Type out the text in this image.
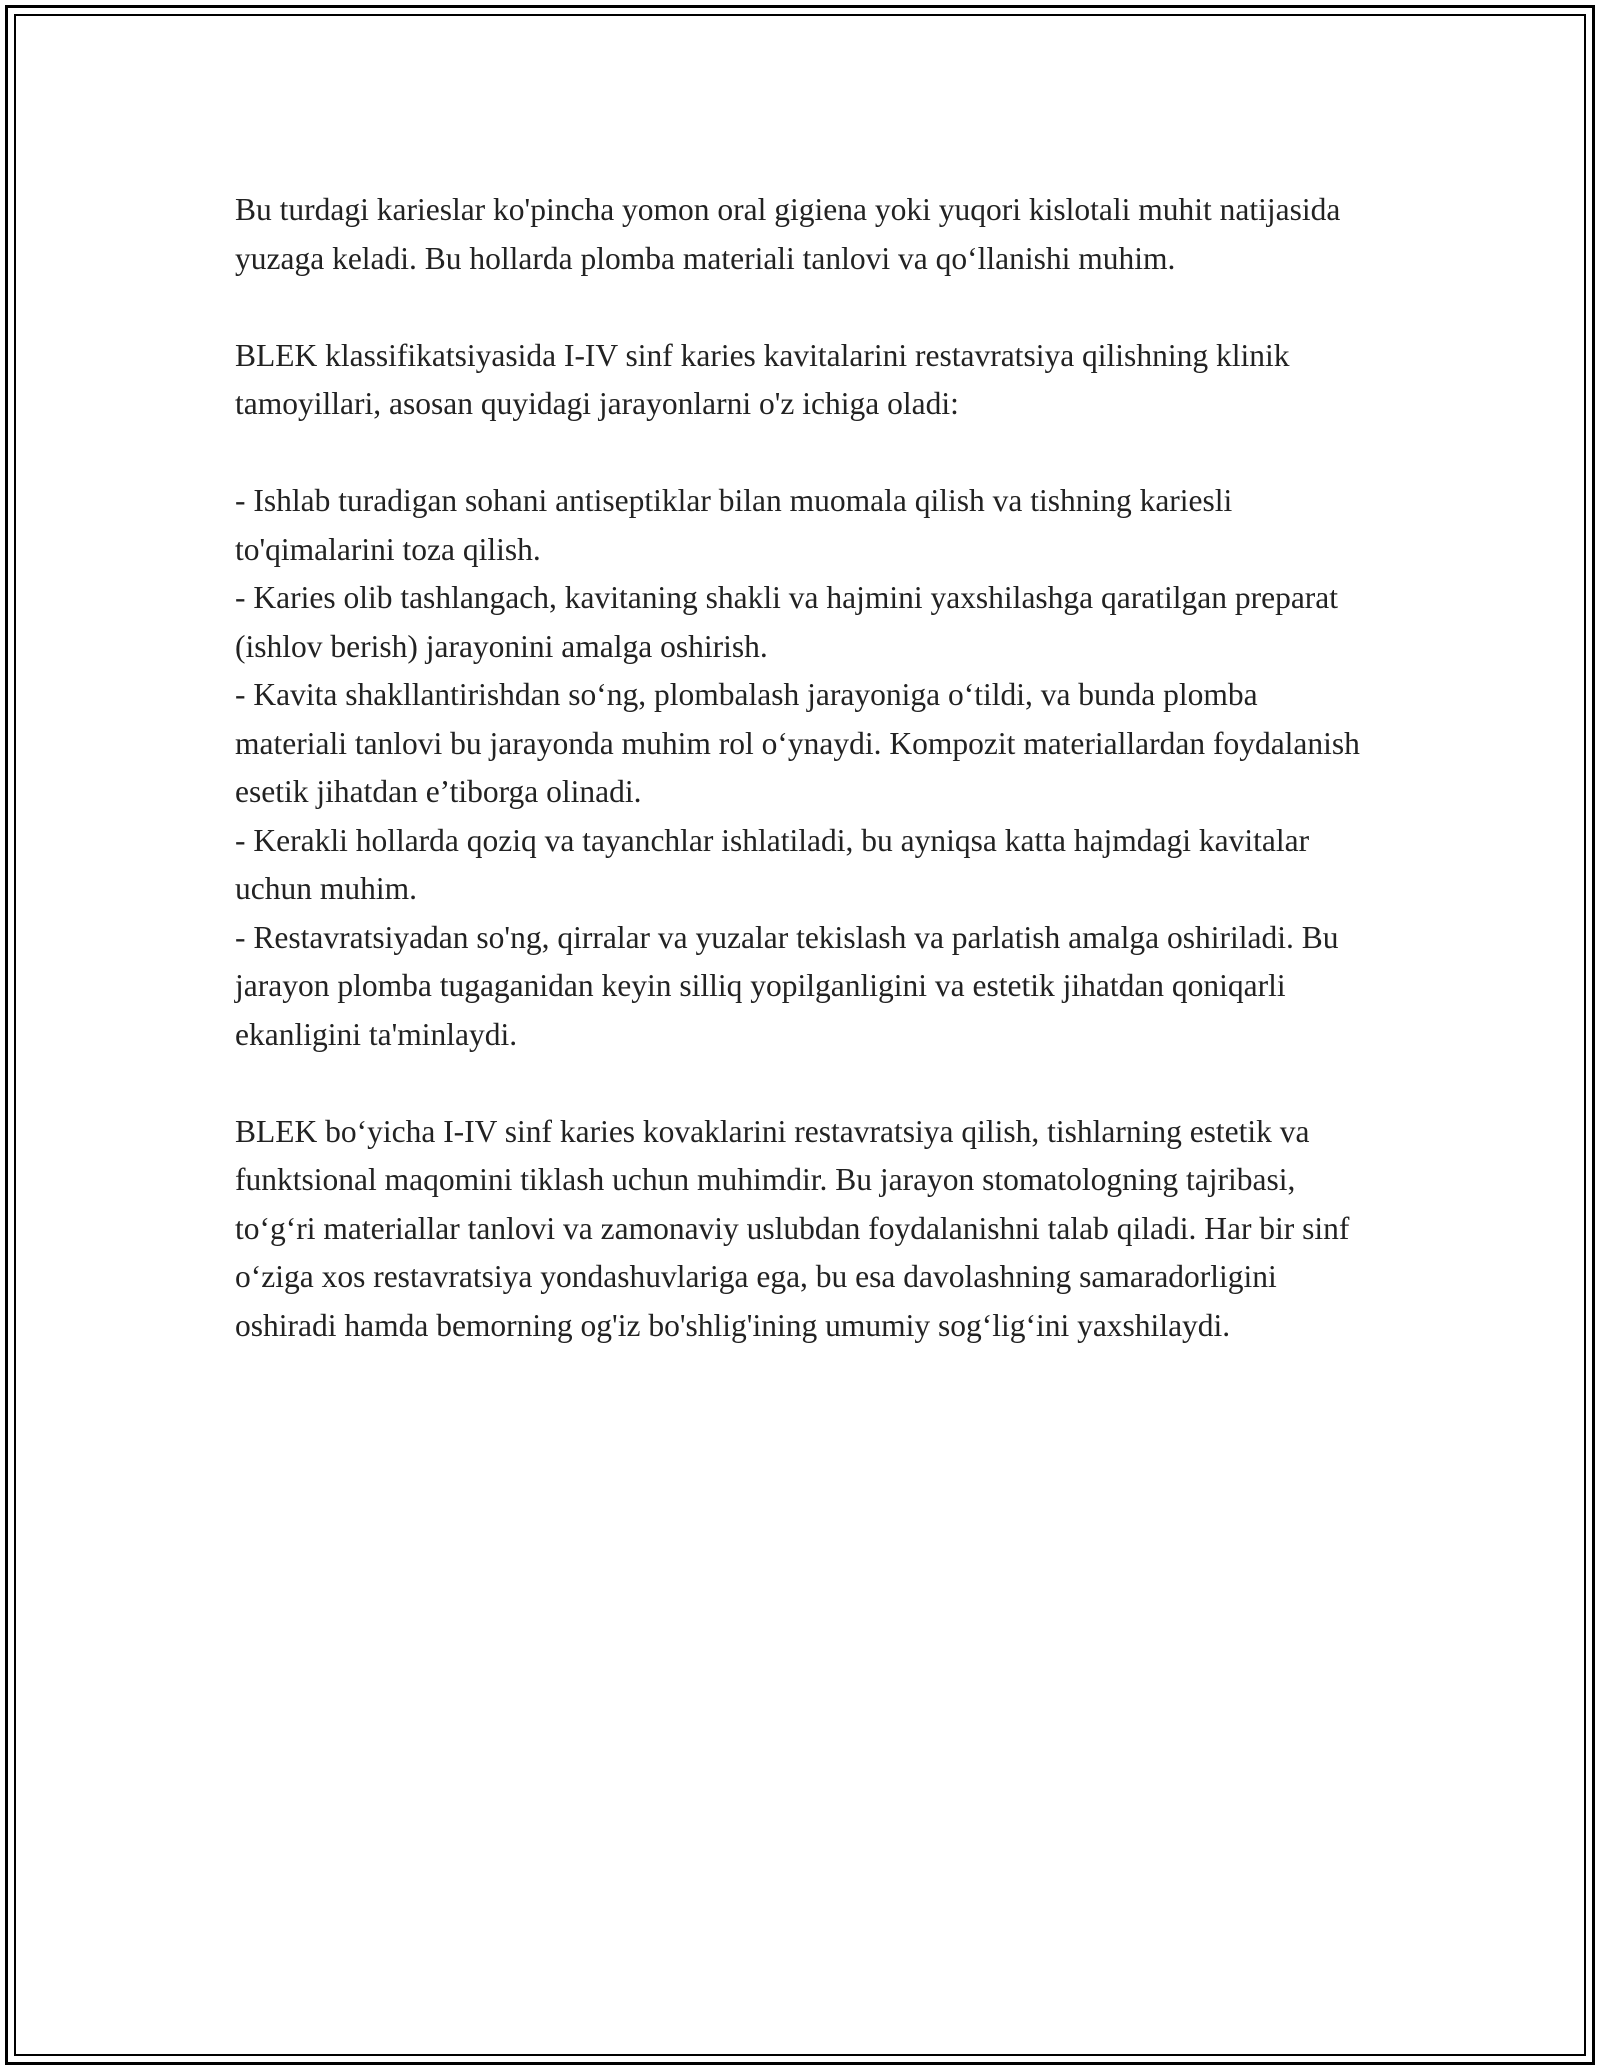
Bu turdagi karieslar ko'pincha yomon oral gigiena yoki yuqori kislotali muhit natijasida yuzaga keladi. Bu hollarda plomba materiali tanlovi va qo‘llanishi muhim.

BLEK klassifikatsiyasida I-IV sinf karies kavitalarini restavratsiya qilishning klinik tamoyillari, asosan quyidagi jarayonlarni o'z ichiga oladi:

- Ishlab turadigan sohani antiseptiklar bilan muomala qilish va tishning kariesli to'qimalarini toza qilish.
- Karies olib tashlangach, kavitaning shakli va hajmini yaxshilashga qaratilgan preparat (ishlov berish) jarayonini amalga oshirish.
- Kavita shakllantirishdan so‘ng, plombalash jarayoniga o‘tildi, va bunda plomba materiali tanlovi bu jarayonda muhim rol o‘ynaydi. Kompozit materiallardan foydalanish esetik jihatdan e’tiborga olinadi.
- Kerakli hollarda qoziq va tayanchlar ishlatiladi, bu ayniqsa katta hajmdagi kavitalar uchun muhim.
- Restavratsiyadan so'ng, qirralar va yuzalar tekislash va parlatish amalga oshiriladi. Bu jarayon plomba tugaganidan keyin silliq yopilganligini va estetik jihatdan qoniqarli ekanligini ta'minlaydi.

BLEK bo‘yicha I-IV sinf karies kovaklarini restavratsiya qilish, tishlarning estetik va funktsional maqomini tiklash uchun muhimdir. Bu jarayon stomatologning tajribasi, to‘g‘ri materiallar tanlovi va zamonaviy uslubdan foydalanishni talab qiladi. Har bir sinf o‘ziga xos restavratsiya yondashuvlariga ega, bu esa davolashning samaradorligini oshiradi hamda bemorning og'iz bo'shlig'ining umumiy sog‘lig‘ini yaxshilaydi.
